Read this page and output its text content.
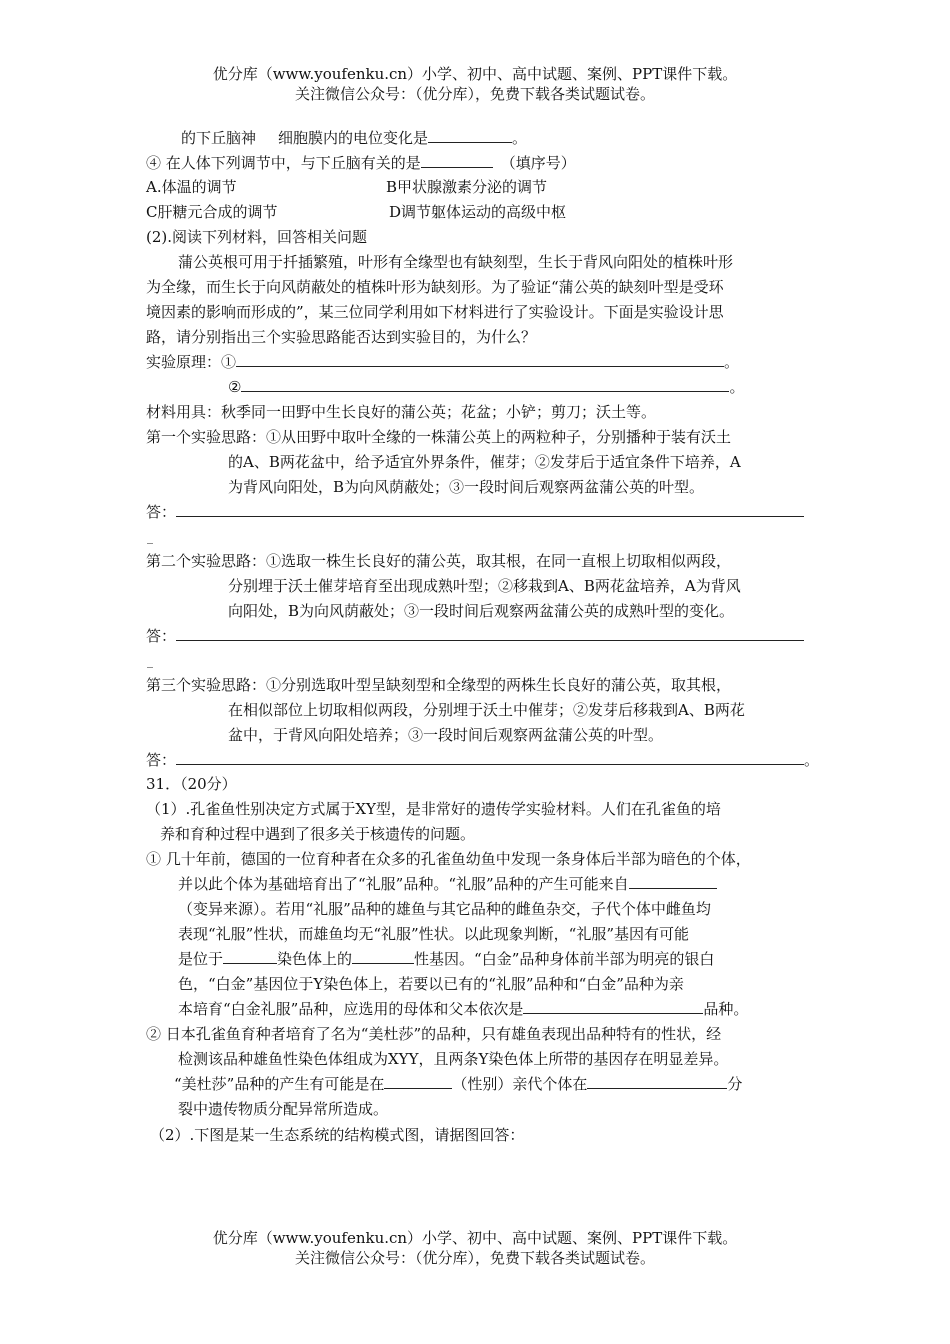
优分库（www.youfenku.cn）小学、初中、高中试题、案例、PPT课件下载。
关注微信公众号：（优分库），免费下载各类试题试卷。
的下丘脑神 细胞膜内的电位变化是	。
④ 在人体下列调节中，与下丘脑有关的是	（填序号）
A.体温的调节	B甲状腺激素分泌的调节
C肝糖元合成的调节	D调节躯体运动的高级中枢
(2).阅读下列材料，回答相关问题
蒲公英根可用于扦插繁殖，叶形有全缘型也有缺刻型，生长于背风向阳处的植株叶形
为全缘，而生长于向风荫蔽处的植株叶形为缺刻形。为了验证“蒲公英的缺刻叶型是受环
境因素的影响而形成的”，某三位同学利用如下材料进行了实验设计。下面是实验设计思
路，请分别指出三个实验思路能否达到实验目的，为什么？
实验原理：①	。
②	。
材料用具：秋季同一田野中生长良好的蒲公英；花盆；小铲；剪刀；沃土等。
第一个实验思路：①从田野中取叶全缘的一株蒲公英上的两粒种子，分别播种于装有沃土
的A、B两花盆中，给予适宜外界条件，催芽；②发芽后于适宜条件下培养，A
为背风向阳处，B为向风荫蔽处；③一段时间后观察两盆蒲公英的叶型。
答：
_
第二个实验思路：①选取一株生长良好的蒲公英，取其根，在同一直根上切取相似两段，
分别埋于沃土催芽培育至出现成熟叶型；②移栽到A、B两花盆培养，A为背风
向阳处，B为向风荫蔽处；③一段时间后观察两盆蒲公英的成熟叶型的变化。
答：
_
第三个实验思路：①分别选取叶型呈缺刻型和全缘型的两株生长良好的蒲公英，取其根，
在相似部位上切取相似两段，分别埋于沃土中催芽；②发芽后移栽到A、B两花
盆中，于背风向阳处培养；③一段时间后观察两盆蒲公英的叶型。
答：	。
31．（20分）
（1）.孔雀鱼性别决定方式属于XY型，是非常好的遗传学实验材料。人们在孔雀鱼的培
养和育种过程中遇到了很多关于核遗传的问题。
① 几十年前，德国的一位育种者在众多的孔雀鱼幼鱼中发现一条身体后半部为暗色的个体，
并以此个体为基础培育出了“礼服”品种。“礼服”品种的产生可能来自
（变异来源）。若用“礼服”品种的雄鱼与其它品种的雌鱼杂交，子代个体中雌鱼均
表现“礼服”性状，而雄鱼均无“礼服”性状。以此现象判断，“礼服”基因有可能
是位于	染色体上的	性基因。“白金”品种身体前半部为明亮的银白
色，“白金”基因位于Y染色体上，若要以已有的“礼服”品种和“白金”品种为亲
本培育“白金礼服”品种，应选用的母体和父本依次是	品种。
② 日本孔雀鱼育种者培育了名为“美杜莎”的品种，只有雄鱼表现出品种特有的性状，经
检测该品种雄鱼性染色体组成为XYY，且两条Y染色体上所带的基因存在明显差异。
“美杜莎”品种的产生有可能是在	（性别）亲代个体在	分
裂中遗传物质分配异常所造成。
（2）.下图是某一生态系统的结构模式图，请据图回答：
优分库（www.youfenku.cn）小学、初中、高中试题、案例、PPT课件下载。
关注微信公众号：（优分库），免费下载各类试题试卷。
